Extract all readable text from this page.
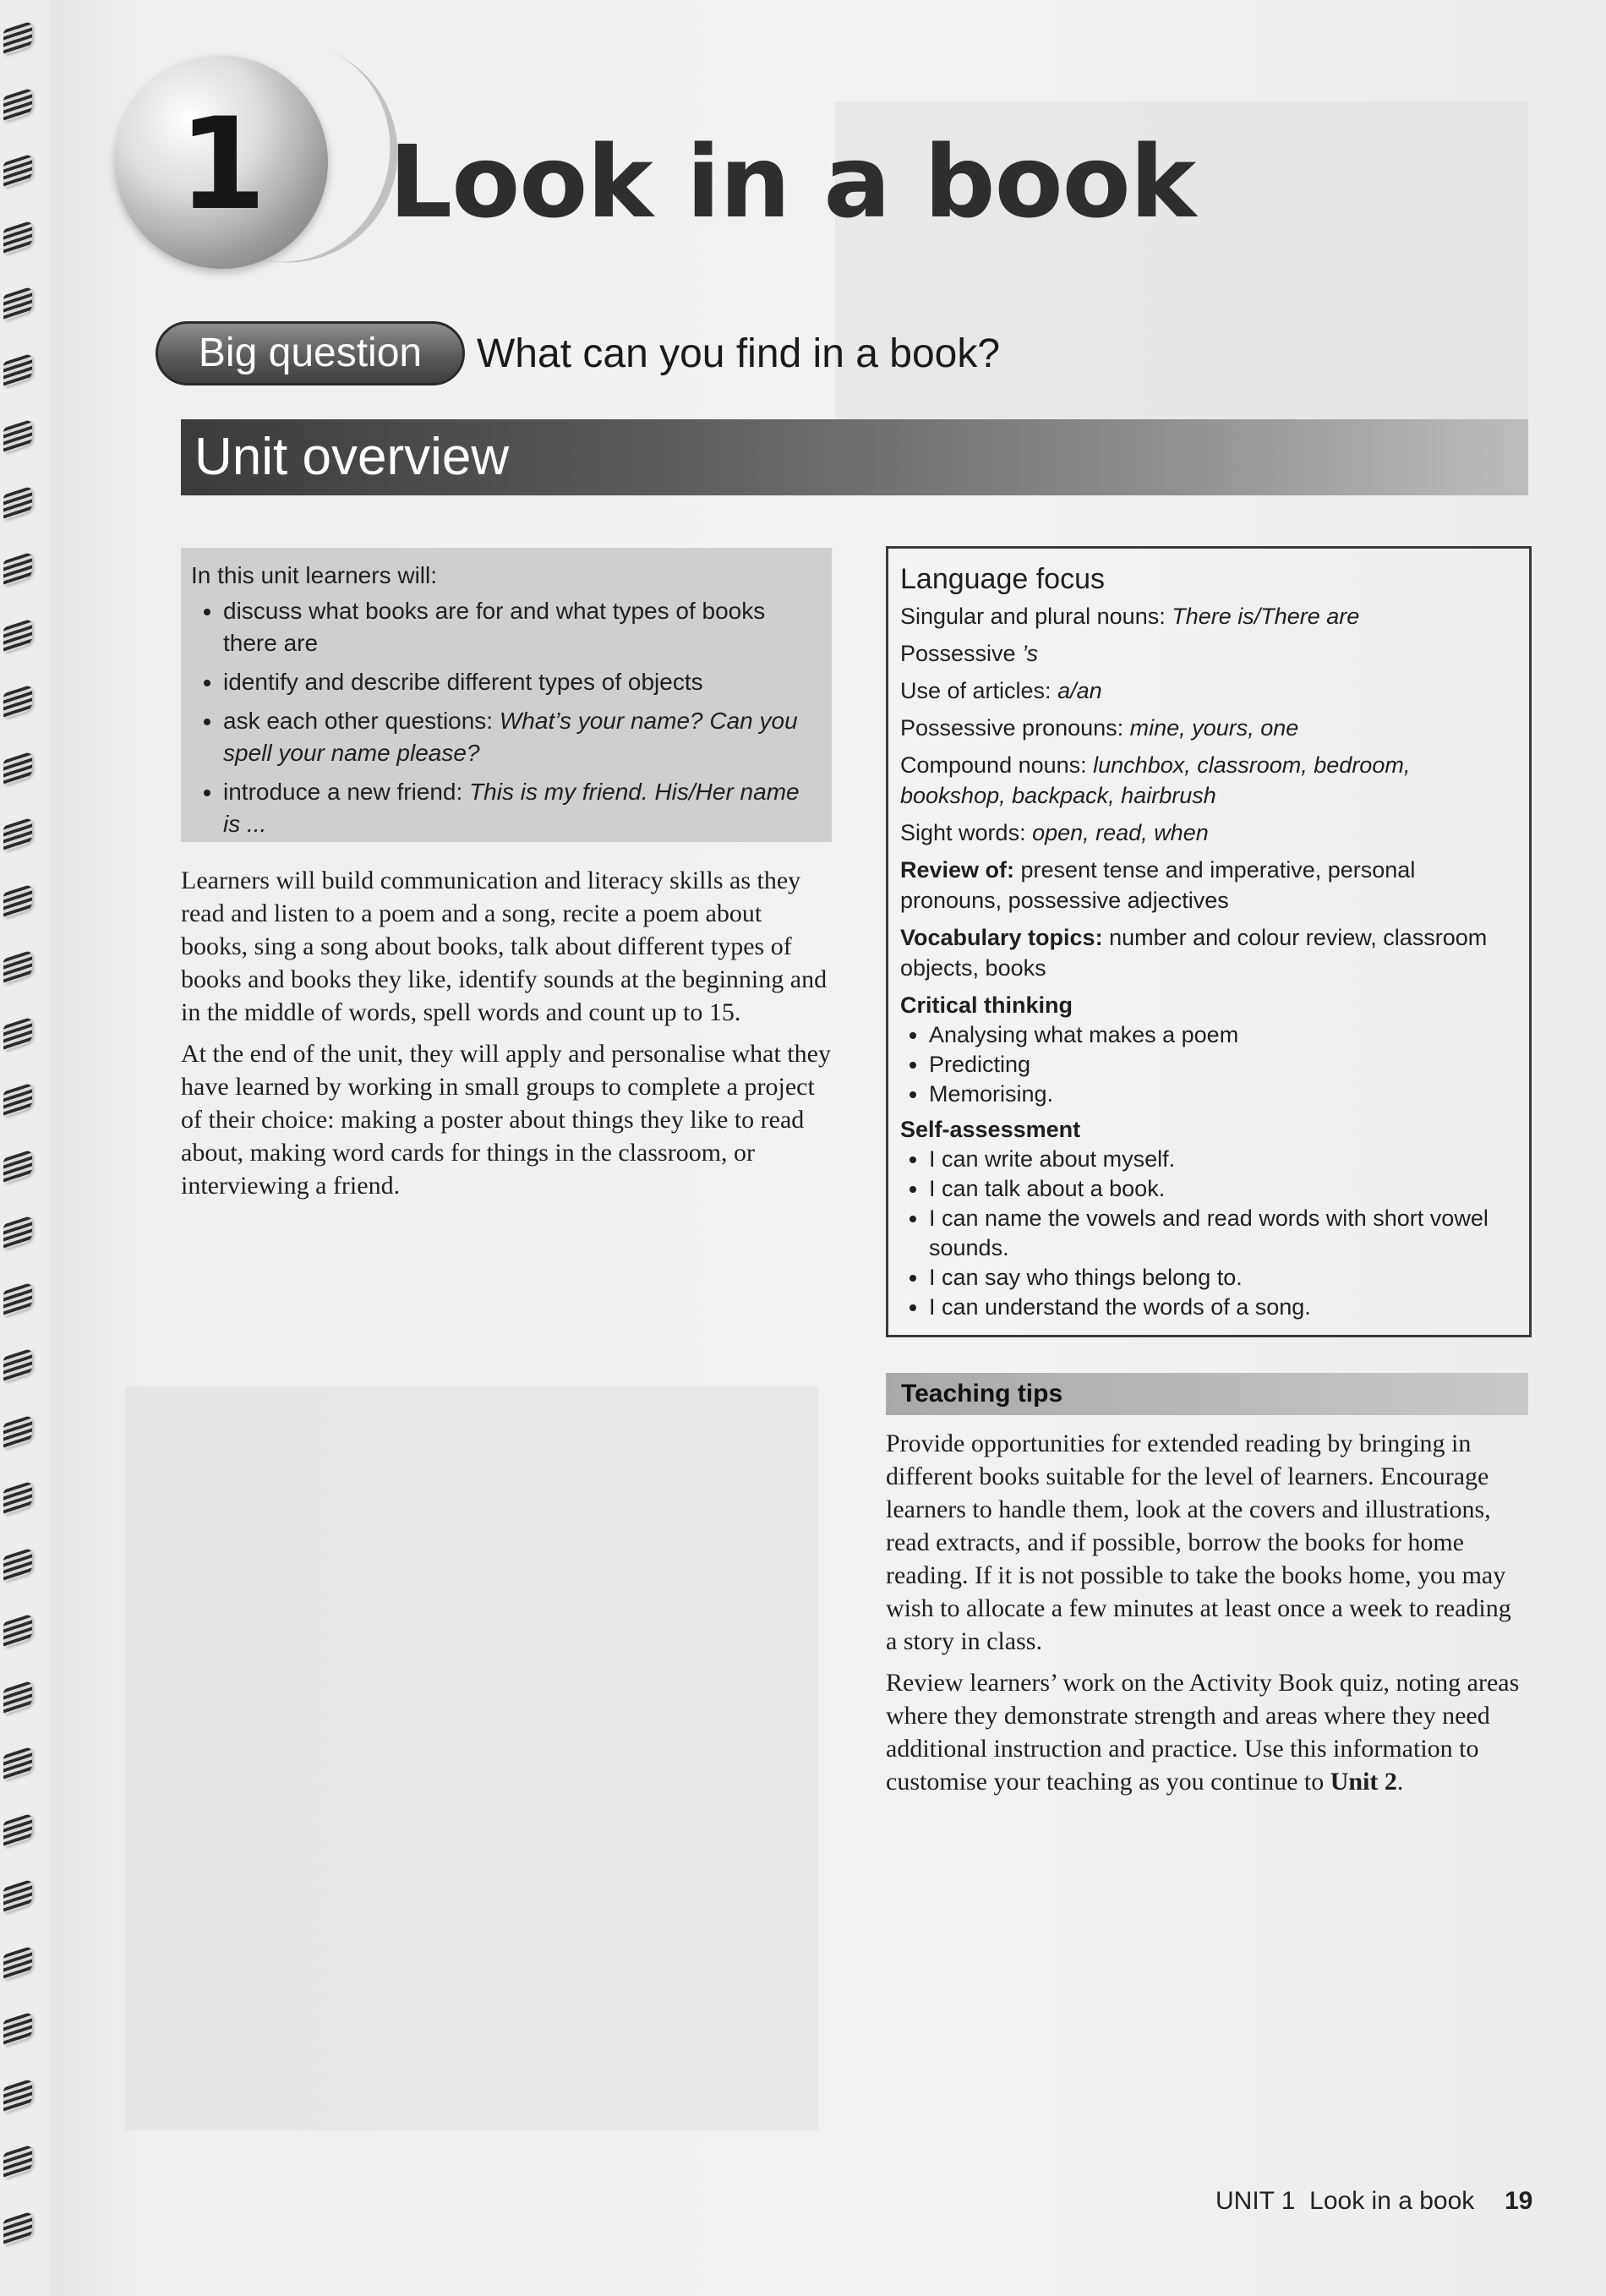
1 Look in a book
Big question	What can you find in a book?
Unit overview

In this unit learners will:

• discuss what books are for and what types of books there are
• identify and describe different types of objects
• ask each other questions: What’s your name? Can you spell your name please?
• introduce a new friend: This is my friend. His/Her name is ...

Learners will build communication and literacy skills as they read and listen to a poem and a song, recite a poem about books, sing a song about books, talk about different types of books and books they like, identify sounds at the beginning and in the middle of words, spell words and count up to 15.

At the end of the unit, they will apply and personalise what they have learned by working in small groups to complete a project of their choice: making a poster about things they like to read about, making word cards for things in the classroom, or interviewing a friend.

Language focus
Singular and plural nouns: There is/There are
Possessive ’s
Use of articles: a/an
Possessive pronouns: mine, yours, one
Compound nouns: lunchbox, classroom, bedroom, bookshop, backpack, hairbrush
Sight words: open, read, when
Review of: present tense and imperative, personal pronouns, possessive adjectives
Vocabulary topics: number and colour review, classroom objects, books
Critical thinking
• Analysing what makes a poem
• Predicting
• Memorising.
Self-assessment
• I can write about myself.
• I can talk about a book.
• I can name the vowels and read words with short vowel sounds.
• I can say who things belong to.
• I can understand the words of a song.
Teaching tips

Provide opportunities for extended reading by bringing in different books suitable for the level of learners. Encourage learners to handle them, look at the covers and illustrations, read extracts, and if possible, borrow the books for home reading. If it is not possible to take the books home, you may wish to allocate a few minutes at least once a week to reading a story in class.

Review learners’ work on the Activity Book quiz, noting areas where they demonstrate strength and areas where they need additional instruction and practice. Use this information to customise your teaching as you continue to Unit 2.

UNIT 1  Look in a book 19
